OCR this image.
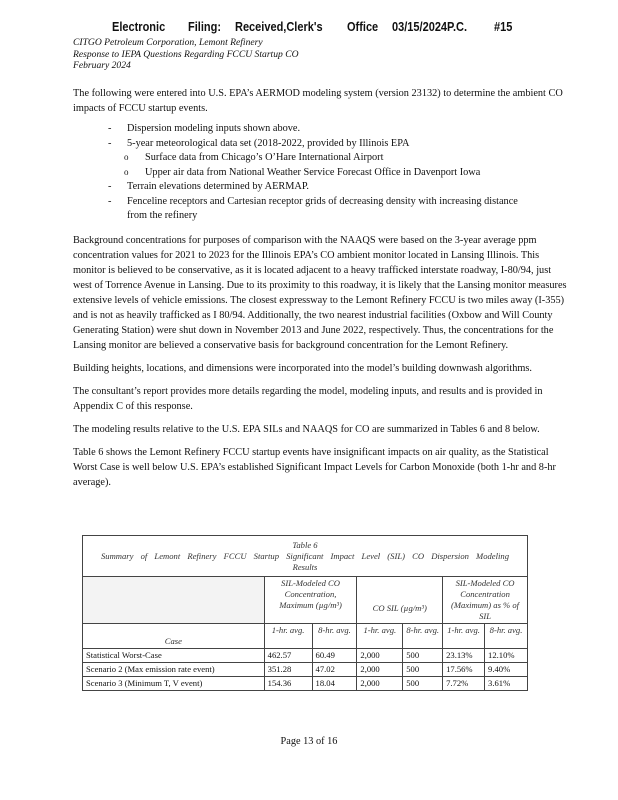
Electronic Filing: Received,Clerk's Office 03/15/2024P.C. #15
CITGO Petroleum Corporation, Lemont Refinery
Response to IEPA Questions Regarding FCCU Startup CO
February 2024
The following were entered into U.S. EPA’s AERMOD modeling system (version 23132) to determine the ambient CO impacts of FCCU startup events.
- Dispersion modeling inputs shown above.
- 5-year meteorological data set (2018-2022, provided by Illinois EPA
o Surface data from Chicago’s O’Hare International Airport
o Upper air data from National Weather Service Forecast Office in Davenport Iowa
- Terrain elevations determined by AERMAP.
- Fenceline receptors and Cartesian receptor grids of decreasing density with increasing distance from the refinery

Background concentrations for purposes of comparison with the NAAQS were based on the 3-year average ppm concentration values for 2021 to 2023 for the Illinois EPA’s CO ambient monitor located in Lansing Illinois. This monitor is believed to be conservative, as it is located adjacent to a heavy trafficked interstate roadway, I-80/94, just west of Torrence Avenue in Lansing. Due to its proximity to this roadway, it is likely that the Lansing monitor measures extensive levels of vehicle emissions. The closest expressway to the Lemont Refinery FCCU is two miles away (I-355) and is not as heavily trafficked as I 80/94. Additionally, the two nearest industrial facilities (Oxbow and Will County Generating Station) were shut down in November 2013 and June 2022, respectively. Thus, the concentrations for the Lansing monitor are believed a conservative basis for background concentration for the Lemont Refinery.

Building heights, locations, and dimensions were incorporated into the model’s building downwash algorithms.

The consultant’s report provides more details regarding the model, modeling inputs, and results and is provided in Appendix C of this response.

The modeling results relative to the U.S. EPA SILs and NAAQS for CO are summarized in Tables 6 and 8 below.

Table 6 shows the Lemont Refinery FCCU startup events have insignificant impacts on air quality, as the Statistical Worst Case is well below U.S. EPA’s established Significant Impact Levels for Carbon Monoxide (both 1-hr and 8-hr average).

Table 6
Summary of Lemont Refinery FCCU Startup Significant Impact Level (SIL) CO Dispersion Modeling
Results
	SIL-Modeled CO Concentration, Maximum (µg/m³)		CO SIL (µg/m³)		SIL-Modeled CO Concentration (Maximum) as % of SIL	

Case	1-hr. avg.	8-hr. avg.	1-hr. avg.	8-hr. avg.	1-hr. avg.	8-hr. avg.
Statistical Worst-Case	462.57	60.49	2,000	500	23.13%	12.10%
Scenario 2 (Max emission rate event)	351.28	47.02	2,000	500	17.56%	9.40%
Scenario 3 (Minimum T, V event)	154.36	18.04	2,000	500	7.72%	3.61%
Page 13 of 16
